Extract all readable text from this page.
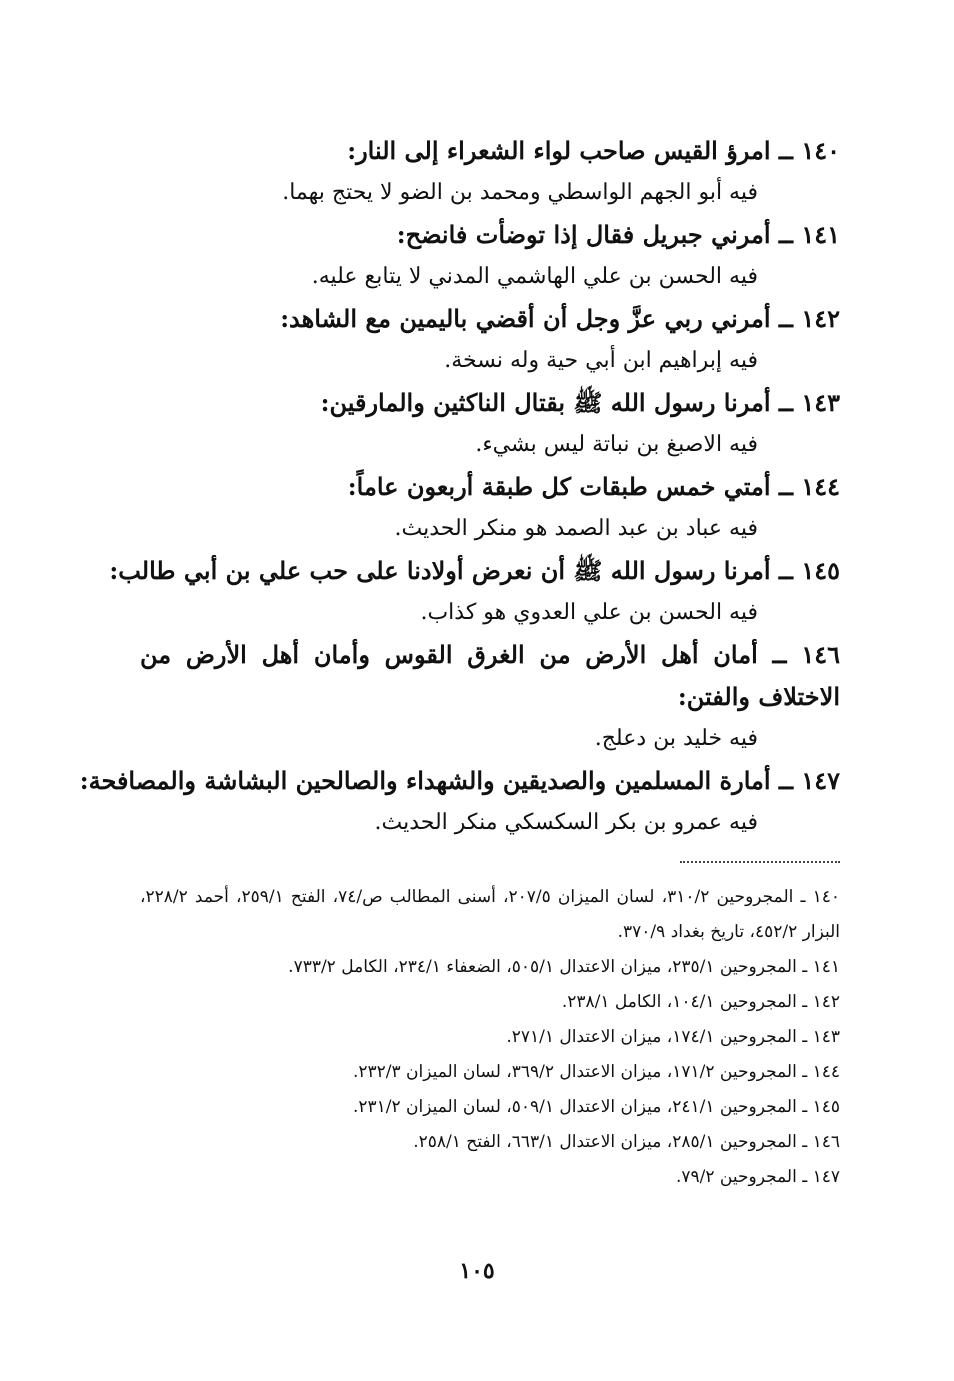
١٤٠ ــ امرؤ القيس صاحب لواء الشعراء إلى النار:
فيه أبو الجهم الواسطي ومحمد بن الضو لا يحتج بهما.
١٤١ ــ أمرني جبريل فقال إذا توضأت فانضح:
فيه الحسن بن علي الهاشمي المدني لا يتابع عليه.
١٤٢ ــ أمرني ربي عزَّ وجل أن أقضي باليمين مع الشاهد:
فيه إبراهيم ابن أبي حية وله نسخة.
١٤٣ ــ أمرنا رسول الله ﷺ بقتال الناكثين والمارقين:
فيه الاصبغ بن نباتة ليس بشيء.
١٤٤ ــ أمتي خمس طبقات كل طبقة أربعون عاماً:
فيه عباد بن عبد الصمد هو منكر الحديث.
١٤٥ ــ أمرنا رسول الله ﷺ أن نعرض أولادنا على حب علي بن أبي طالب:
فيه الحسن بن علي العدوي هو كذاب.
١٤٦ ــ أمان أهل الأرض من الغرق القوس وأمان أهل الأرض من الاختلاف والفتن:
فيه خليد بن دعلج.
١٤٧ ــ أمارة المسلمين والصديقين والشهداء والصالحين البشاشة والمصافحة:
فيه عمرو بن بكر السكسكي منكر الحديث.
١٤٠ ـ المجروحين ٣١٠/٢، لسان الميزان ٢٠٧/٥، أسنى المطالب ص/٧٤، الفتح ٢٥٩/١، أحمد ٢٢٨/٢، البزار ٤٥٢/٢، تاريخ بغداد ٣٧٠/٩.
١٤١ ـ المجروحين ٢٣٥/١، ميزان الاعتدال ٥٠٥/١، الضعفاء ٢٣٤/١، الكامل ٧٣٣/٢.
١٤٢ ـ المجروحين ١٠٤/١، الكامل ٢٣٨/١.
١٤٣ ـ المجروحين ١٧٤/١، ميزان الاعتدال ٢٧١/١.
١٤٤ ـ المجروحين ١٧١/٢، ميزان الاعتدال ٣٦٩/٢، لسان الميزان ٢٣٢/٣.
١٤٥ ـ المجروحين ٢٤١/١، ميزان الاعتدال ٥٠٩/١، لسان الميزان ٢٣١/٢.
١٤٦ ـ المجروحين ٢٨٥/١، ميزان الاعتدال ٦٦٣/١، الفتح ٢٥٨/١.
١٤٧ ـ المجروحين ٧٩/٢.
١٠٥
